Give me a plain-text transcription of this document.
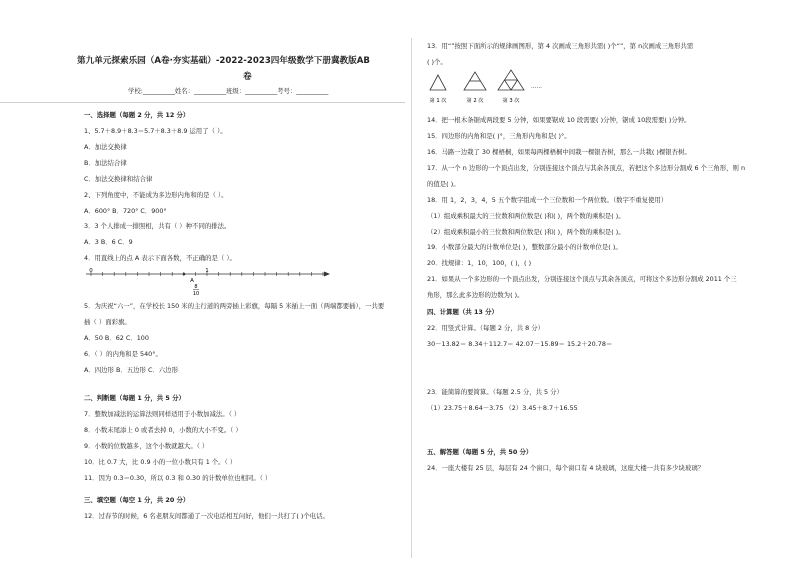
第九单元探索乐园（A卷·夯实基础）-2022-2023四年级数学下册冀教版AB
卷
学校:__________姓名：__________班级：__________考号：__________
一、选择题（每题 2 分，共 12 分）
1、5.7＋8.9＋8.3＝5.7＋8.3＋8.9 运用了（ ）。
A．加法交换律
B．加法结合律
C．加法交换律和结合律
2、下列角度中，不能成为多边形内角和的是（ ）。
A．600° B．720° C．900°
3．3 个人排成一排照相，共有（ ）种不同的排法。
A．3 B．6 C．9
4．用直线上的点 A 表示下面各数，不正确的是（ ）。
0	1
A
8
10
5．为庆祝“六一”，在学校长 150 米的主行道的两旁插上彩旗，每隔 5 米插上一面（两端都要插），一共要
插（ ）面彩旗。
A．50 B．62 C．100
6．（ ）的内角和是 540°。
A．四边形 B．五边形 C．六边形
二、判断题（每题 1 分，共 5 分）
7．整数加减法的运算法则同样适用于小数加减法。（ ）
8．小数末尾添上 0 或者去掉 0，小数的大小不变。（ ）
9．小数的位数越多，这个小数就越大。（ ）
10．比 0.7 大，比 0.9 小的一位小数只有 1 个。（ ）
11．因为 0.3＝0.30，所以 0.3 和 0.30 的计数单位也相同。（ ）
三、填空题（每空 1 分，共 20 分）
12．过春节的时候，6 名老朋友间都通了一次电话相互问好，他们一共打了( )个电话。
13．用“”按照下面所示的规律画图形，第 4 次画成三角形共需( )个“”，第 n次画成三角形共需
( )个。
第 1 次	第 2 次	第 3 次
……
14．把一根木条锯成两段要 5 分钟，如果要锯成 10 段需要( )分钟，锯成 10段需要( )分钟。
15．四边形的内角和是( )°，三角形内角和是( )°。
16．马路一边栽了 30 棵梧桐，如果每两棵梧桐中间栽一棵银杏树，那么一共栽( )棵银杏树。
17．从一个 n 边形的一个顶点出发，分别连接这个顶点与其余各顶点，若把这个多边形分割成 6 个三角形，则 n
的值是( )。
18．用 1，2，3，4，5 五个数字组成一个三位数和一个两位数。（数字不重复使用）
（1）组成乘积最大的三位数和两位数是( )和( )，两个数的乘积是( )。
（2）组成乘积最小的三位数和两位数是( )和( )，两个数的乘积是( )。
19．小数部分最大的计数单位是( )，整数部分最小的计数单位是( )。
20．找规律：1，10，100，( )，( )
21．如果从一个多边形的一个顶点出发，分别连接这个顶点与其余各顶点，可将这个多边形分割成 2011 个三
角形，那么此多边形的边数为( )。
四、计算题（共 13 分）
22．用竖式计算。（每题 2 分，共 8 分）
30－13.82＝ 8.34＋112.7＝ 42.07－15.89＝ 15.2＋20.78＝
23．能简算的要简算。（每题 2.5 分，共 5 分）
（1）23.75＋8.64－3.75 （2）3.45＋8.7＋16.55
五、解答题（每题 5 分，共 50 分）
24．一座大楼有 25 层，每层有 24 个窗口，每个窗口有 4 块玻璃，这座大楼一共有多少块玻璃？
